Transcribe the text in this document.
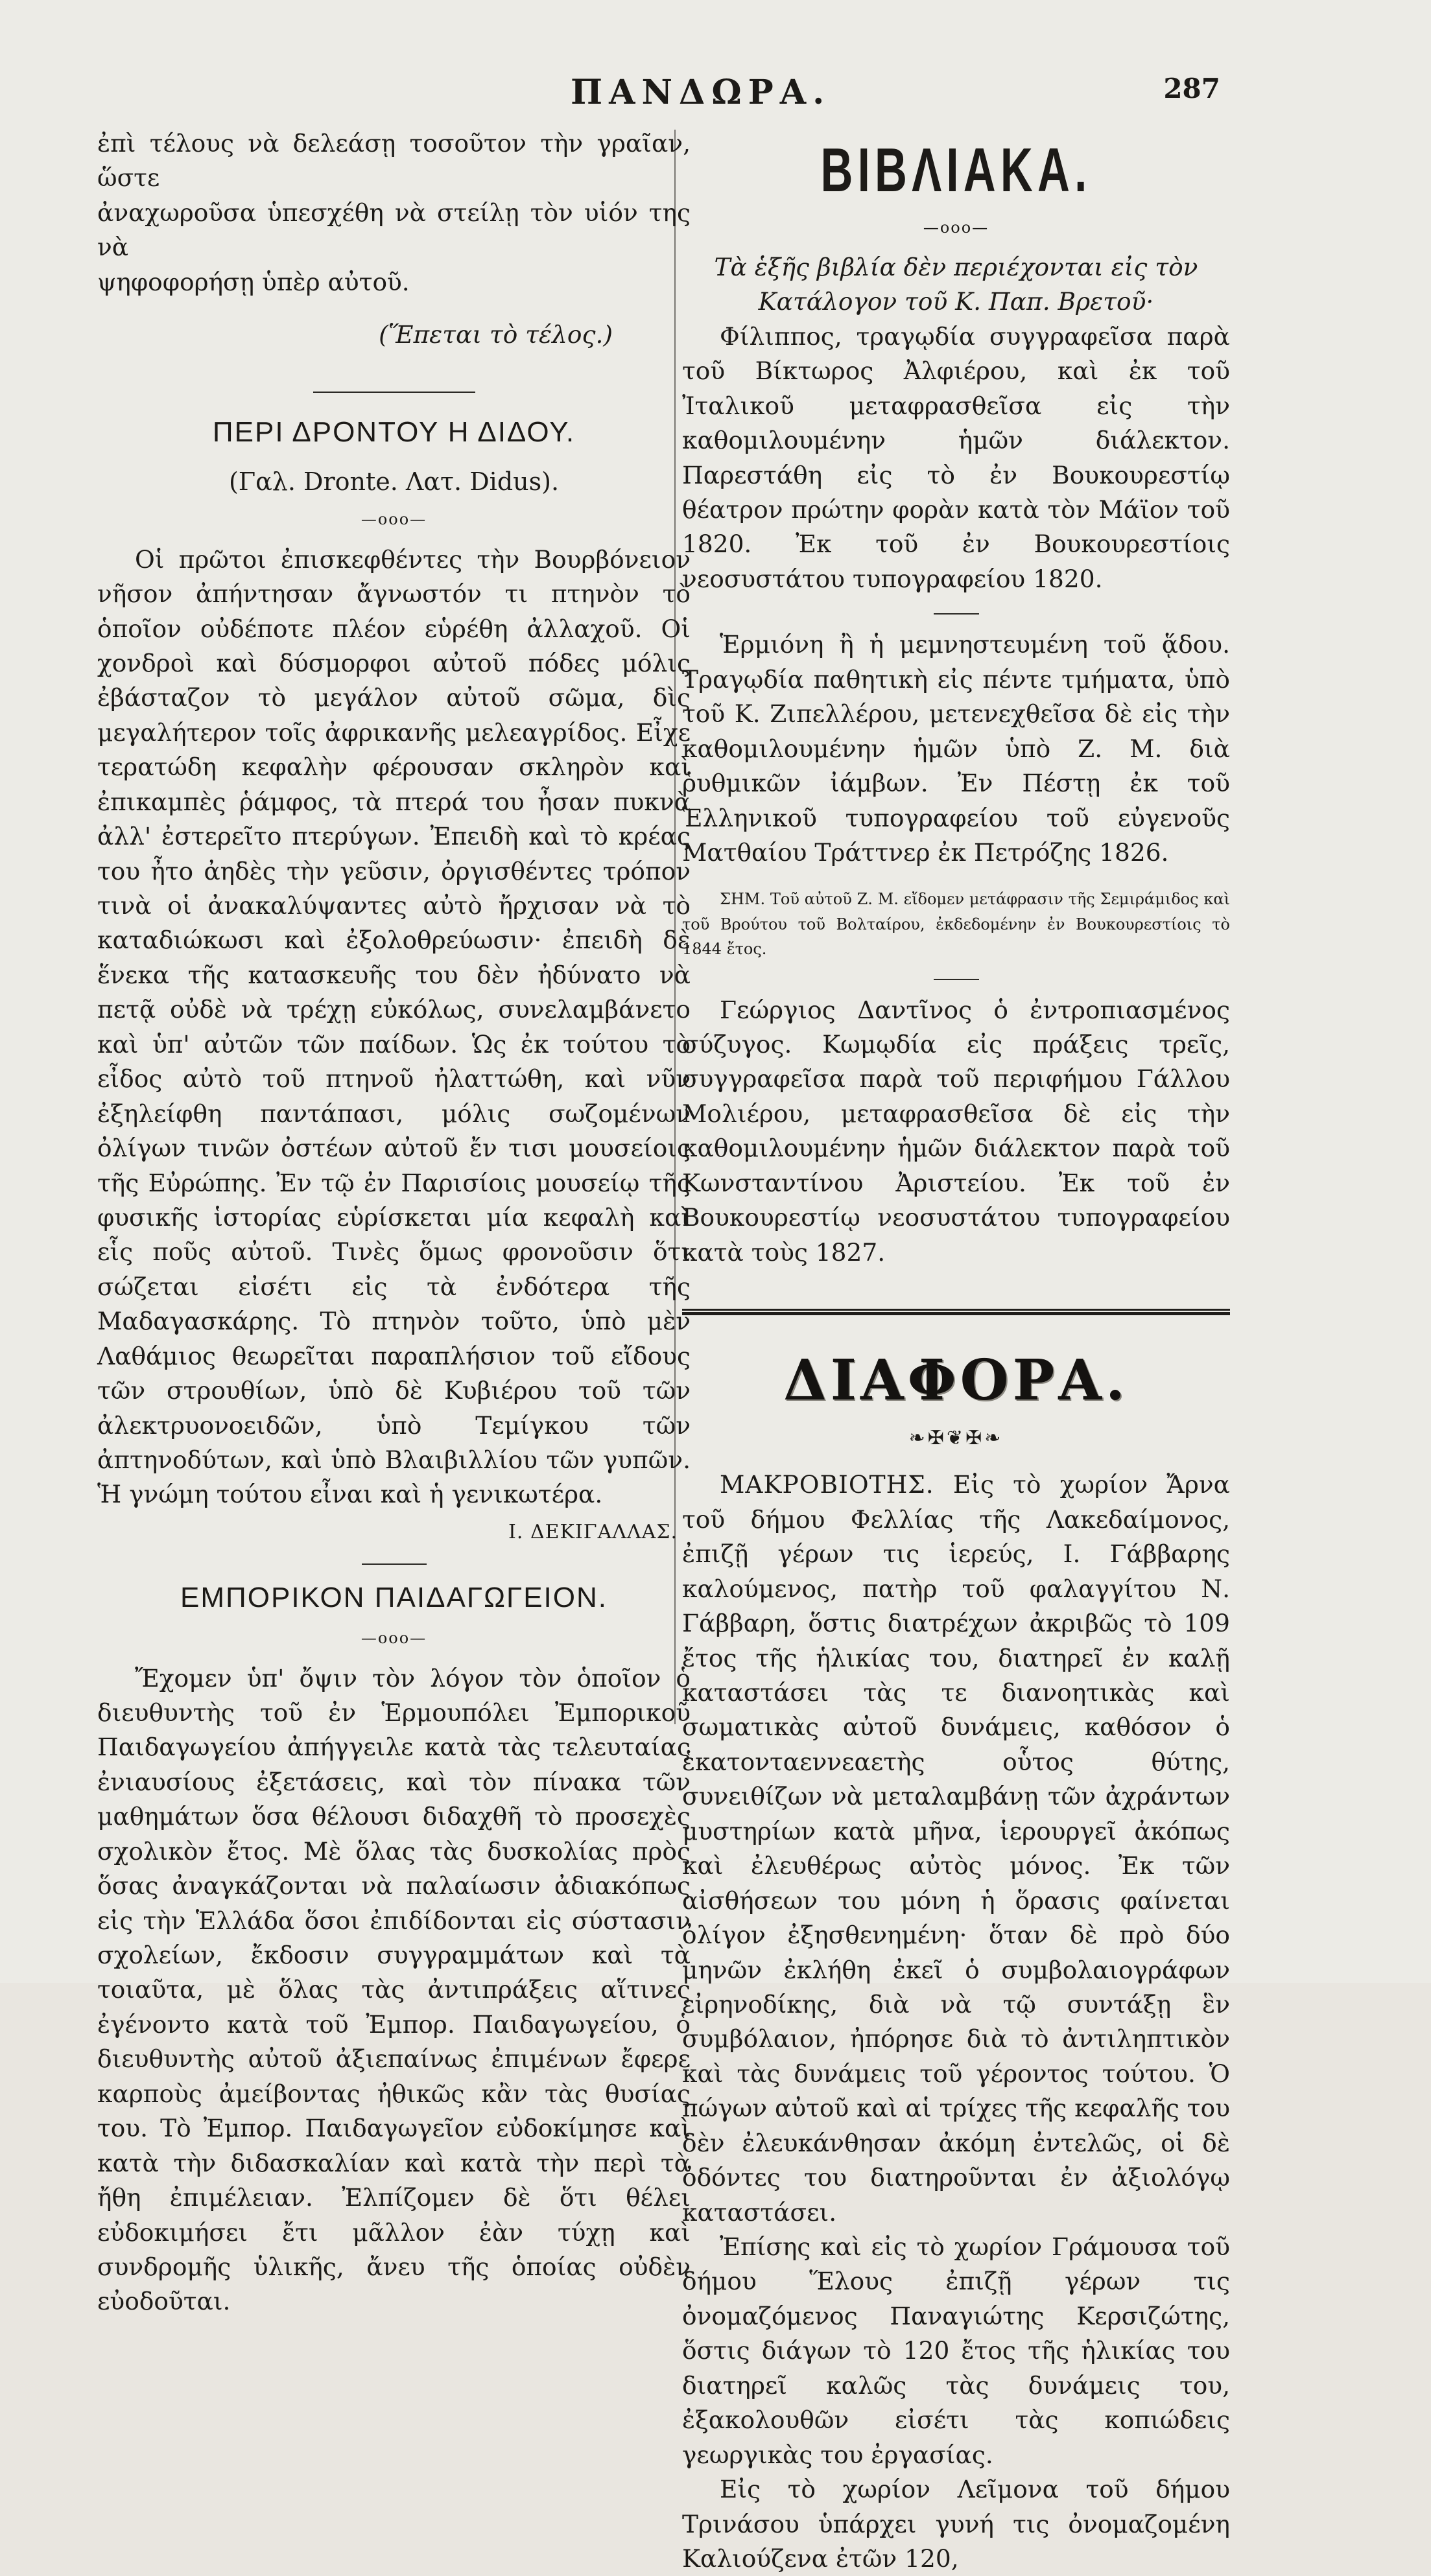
ΠΑΝΔΩΡΑ.	287

ἐπὶ τέλους νὰ δελεάσῃ τοσοῦτον τὴν γραῖαν, ὥστε

ἀναχωροῦσα ὑπεσχέθη νὰ στείλῃ τὸν υἱόν της νὰ

ψηφοφορήσῃ ὑπὲρ αὐτοῦ.

(Ἕπεται τὸ τέλος.)

ΠΕΡΙ ΔΡΟΝΤΟΥ Η ΔΙΔΟΥ.

(Γαλ. Dronte. Λατ. Didus).

—ooo—

Οἱ πρῶτοι ἐπισκεφθέντες τὴν Βουρβόνειον νῆσον ἀπήντησαν ἄγνωστόν τι πτηνὸν τὸ ὁποῖον οὐδέποτε πλέον εὑρέθη ἀλλαχοῦ. Οἱ χονδροὶ καὶ δύσμορφοι αὐτοῦ πόδες μόλις ἐβάσταζον τὸ μεγάλον αὐτοῦ σῶμα, δὶς μεγαλήτερον τοῖς ἀφρικανῆς μελεαγρίδος. Εἶχε τερατώδη κεφαλὴν φέρουσαν σκληρὸν καὶ ἐπικαμπὲς ῥάμφος, τὰ πτερά του ἦσαν πυκνὰ ἀλλ' ἐστερεῖτο πτερύγων. Ἐπειδὴ καὶ τὸ κρέας του ἦτο ἀηδὲς τὴν γεῦσιν, ὀργισθέντες τρόπον τινὰ οἱ ἀνακαλύψαντες αὐτὸ ἤρχισαν νὰ τὸ καταδιώκωσι καὶ ἐξολοθρεύωσιν· ἐπειδὴ δὲ ἕνεκα τῆς κατασκευῆς του δὲν ἠδύνατο νὰ πετᾷ οὐδὲ νὰ τρέχῃ εὐκόλως, συνελαμβάνετο καὶ ὑπ' αὐτῶν τῶν παίδων. Ὡς ἐκ τούτου τὸ εἶδος αὐτὸ τοῦ πτηνοῦ ἠλαττώθη, καὶ νῦν ἐξηλείφθη παντάπασι, μόλις σωζομένων ὀλίγων τινῶν ὀστέων αὐτοῦ ἔν τισι μουσείοις τῆς Εὐρώπης. Ἐν τῷ ἐν Παρισίοις μουσείῳ τῆς φυσικῆς ἱστορίας εὑρίσκεται μία κεφαλὴ καὶ εἷς ποῦς αὐτοῦ. Τινὲς ὅμως φρονοῦσιν ὅτι σώζεται εἰσέτι εἰς τὰ ἐνδότερα τῆς Μαδαγασκάρης. Τὸ πτηνὸν τοῦτο, ὑπὸ μὲν Λαθάμιος θεωρεῖται παραπλήσιον τοῦ εἴδους τῶν στρουθίων, ὑπὸ δὲ Κυβιέρου τοῦ τῶν ἀλεκτρυονοειδῶν, ὑπὸ Τεμίγκου τῶν ἀπτηνοδύτων, καὶ ὑπὸ Βλαιβιλλίου τῶν γυπῶν. Ἡ γνώμη τούτου εἶναι καὶ ἡ γενικωτέρα.

Ι. ΔΕΚΙΓΑΛΛΑΣ.

ΕΜΠΟΡΙΚΟΝ ΠΑΙΔΑΓΩΓΕΙΟΝ.

—ooo—

Ἔχομεν ὑπ' ὄψιν τὸν λόγον τὸν ὁποῖον ὁ διευθυντὴς τοῦ ἐν Ἑρμουπόλει Ἐμπορικοῦ Παιδαγωγείου ἀπήγγειλε κατὰ τὰς τελευταίας ἐνιαυσίους ἐξετάσεις, καὶ τὸν πίνακα τῶν μαθημάτων ὅσα θέλουσι διδαχθῆ τὸ προσεχὲς σχολικὸν ἔτος. Μὲ ὅλας τὰς δυσκολίας πρὸς ὅσας ἀναγκάζονται νὰ παλαίωσιν ἀδιακόπως εἰς τὴν Ἑλλάδα ὅσοι ἐπιδίδονται εἰς σύστασιν σχολείων, ἔκδοσιν συγγραμμάτων καὶ τὰ τοιαῦτα, μὲ ὅλας τὰς ἀντιπράξεις αἵτινες ἐγένοντο κατὰ τοῦ Ἐμπορ. Παιδαγωγείου, ὁ διευθυντὴς αὐτοῦ ἀξιεπαίνως ἐπιμένων ἔφερε καρποὺς ἀμείβοντας ἠθικῶς κἂν τὰς θυσίας του. Τὸ Ἐμπορ. Παιδαγωγεῖον εὐδοκίμησε καὶ κατὰ τὴν διδασκαλίαν καὶ κατὰ τὴν περὶ τὰ ἤθη ἐπιμέλειαν. Ἐλπίζομεν δὲ ὅτι θέλει εὐδοκιμήσει ἔτι μᾶλλον ἐὰν τύχῃ καὶ συνδρομῆς ὑλικῆς, ἄνευ τῆς ὁποίας οὐδὲν εὐοδοῦται.

ΒΙΒΛΙΑΚΑ.

—ooo—

Τὰ ἑξῆς βιβλία δὲν περιέχονται εἰς τὸν Κατάλογον τοῦ Κ. Παπ. Βρετοῦ·

Φίλιππος, τραγῳδία συγγραφεῖσα παρὰ τοῦ Βίκτωρος Ἀλφιέρου, καὶ ἐκ τοῦ Ἰταλικοῦ μεταφρασθεῖσα εἰς τὴν καθομιλουμένην ἡμῶν διάλεκτον. Παρεστάθη εἰς τὸ ἐν Βουκουρεστίῳ θέατρον πρώτην φορὰν κατὰ τὸν Μάϊον τοῦ 1820. Ἐκ τοῦ ἐν Βουκουρεστίοις νεοσυστάτου τυπογραφείου 1820.

Ἑρμιόνη ἢ ἡ μεμνηστευμένη τοῦ ᾅδου. Τραγῳδία παθητικὴ εἰς πέντε τμήματα, ὑπὸ τοῦ Κ. Ζιπελλέρου, μετενεχθεῖσα δὲ εἰς τὴν καθομιλουμένην ἡμῶν ὑπὸ Ζ. Μ. διὰ ῥυθμικῶν ἰάμβων. Ἐν Πέστῃ ἐκ τοῦ Ἑλληνικοῦ τυπογραφείου τοῦ εὐγενοῦς Ματθαίου Τράττνερ ἐκ Πετρόζης 1826.

ΣΗΜ. Τοῦ αὐτοῦ Ζ. Μ. εἴδομεν μετάφρασιν τῆς Σεμιράμιδος καὶ τοῦ Βρούτου τοῦ Βολταίρου, ἐκδεδομένην ἐν Βουκουρεστίοις τὸ 1844 ἔτος.

Γεώργιος Δαντῖνος ὁ ἐντροπιασμένος σύζυγος. Κωμῳδία εἰς πράξεις τρεῖς, συγγραφεῖσα παρὰ τοῦ περιφήμου Γάλλου Μολιέρου, μεταφρασθεῖσα δὲ εἰς τὴν καθομιλουμένην ἡμῶν διάλεκτον παρὰ τοῦ Κωνσταντίνου Ἀριστείου. Ἐκ τοῦ ἐν Βουκουρεστίῳ νεοσυστάτου τυπογραφείου κατὰ τοὺς 1827.

ΔΙΑΦΟΡΑ.

❧✠❦✠❧

ΜΑΚΡΟΒΙΟΤΗΣ. Εἰς τὸ χωρίον Ἄρνα τοῦ δήμου Φελλίας τῆς Λακεδαίμονος, ἐπιζῇ γέρων τις ἱερεύς, Ι. Γάββαρης καλούμενος, πατὴρ τοῦ φαλαγγίτου Ν. Γάββαρη, ὅστις διατρέχων ἀκριβῶς τὸ 109 ἔτος τῆς ἡλικίας του, διατηρεῖ ἐν καλῇ καταστάσει τὰς τε διανοητικὰς καὶ σωματικὰς αὐτοῦ δυνάμεις, καθόσον ὁ ἑκατονταεννεαετὴς οὗτος θύτης, συνειθίζων νὰ μεταλαμβάνῃ τῶν ἀχράντων μυστηρίων κατὰ μῆνα, ἱερουργεῖ ἀκόπως καὶ ἐλευθέρως αὐτὸς μόνος. Ἐκ τῶν αἰσθήσεων του μόνη ἡ ὅρασις φαίνεται ὀλίγον ἐξησθενημένη· ὅταν δὲ πρὸ δύο μηνῶν ἐκλήθη ἐκεῖ ὁ συμβολαιογράφων εἰρηνοδίκης, διὰ νὰ τῷ συντάξῃ ἓν συμβόλαιον, ἠπόρησε διὰ τὸ ἀντιληπτικὸν καὶ τὰς δυνάμεις τοῦ γέροντος τούτου. Ὁ πώγων αὐτοῦ καὶ αἱ τρίχες τῆς κεφαλῆς του δὲν ἐλευκάνθησαν ἀκόμη ἐντελῶς, οἱ δὲ ὀδόντες του διατηροῦνται ἐν ἀξιολόγῳ καταστάσει.

Ἐπίσης καὶ εἰς τὸ χωρίον Γράμουσα τοῦ δήμου Ἕλους ἐπιζῇ γέρων τις ὀνομαζόμενος Παναγιώτης Κερσιζώτης, ὅστις διάγων τὸ 120 ἔτος τῆς ἡλικίας του διατηρεῖ καλῶς τὰς δυνάμεις του, ἐξακολουθῶν εἰσέτι τὰς κοπιώδεις γεωργικὰς του ἐργασίας.

Εἰς τὸ χωρίον Λεῖμονα τοῦ δήμου Τρινάσου ὑπάρχει γυνή τις ὀνομαζομένη Καλιούζενα ἐτῶν 120,
